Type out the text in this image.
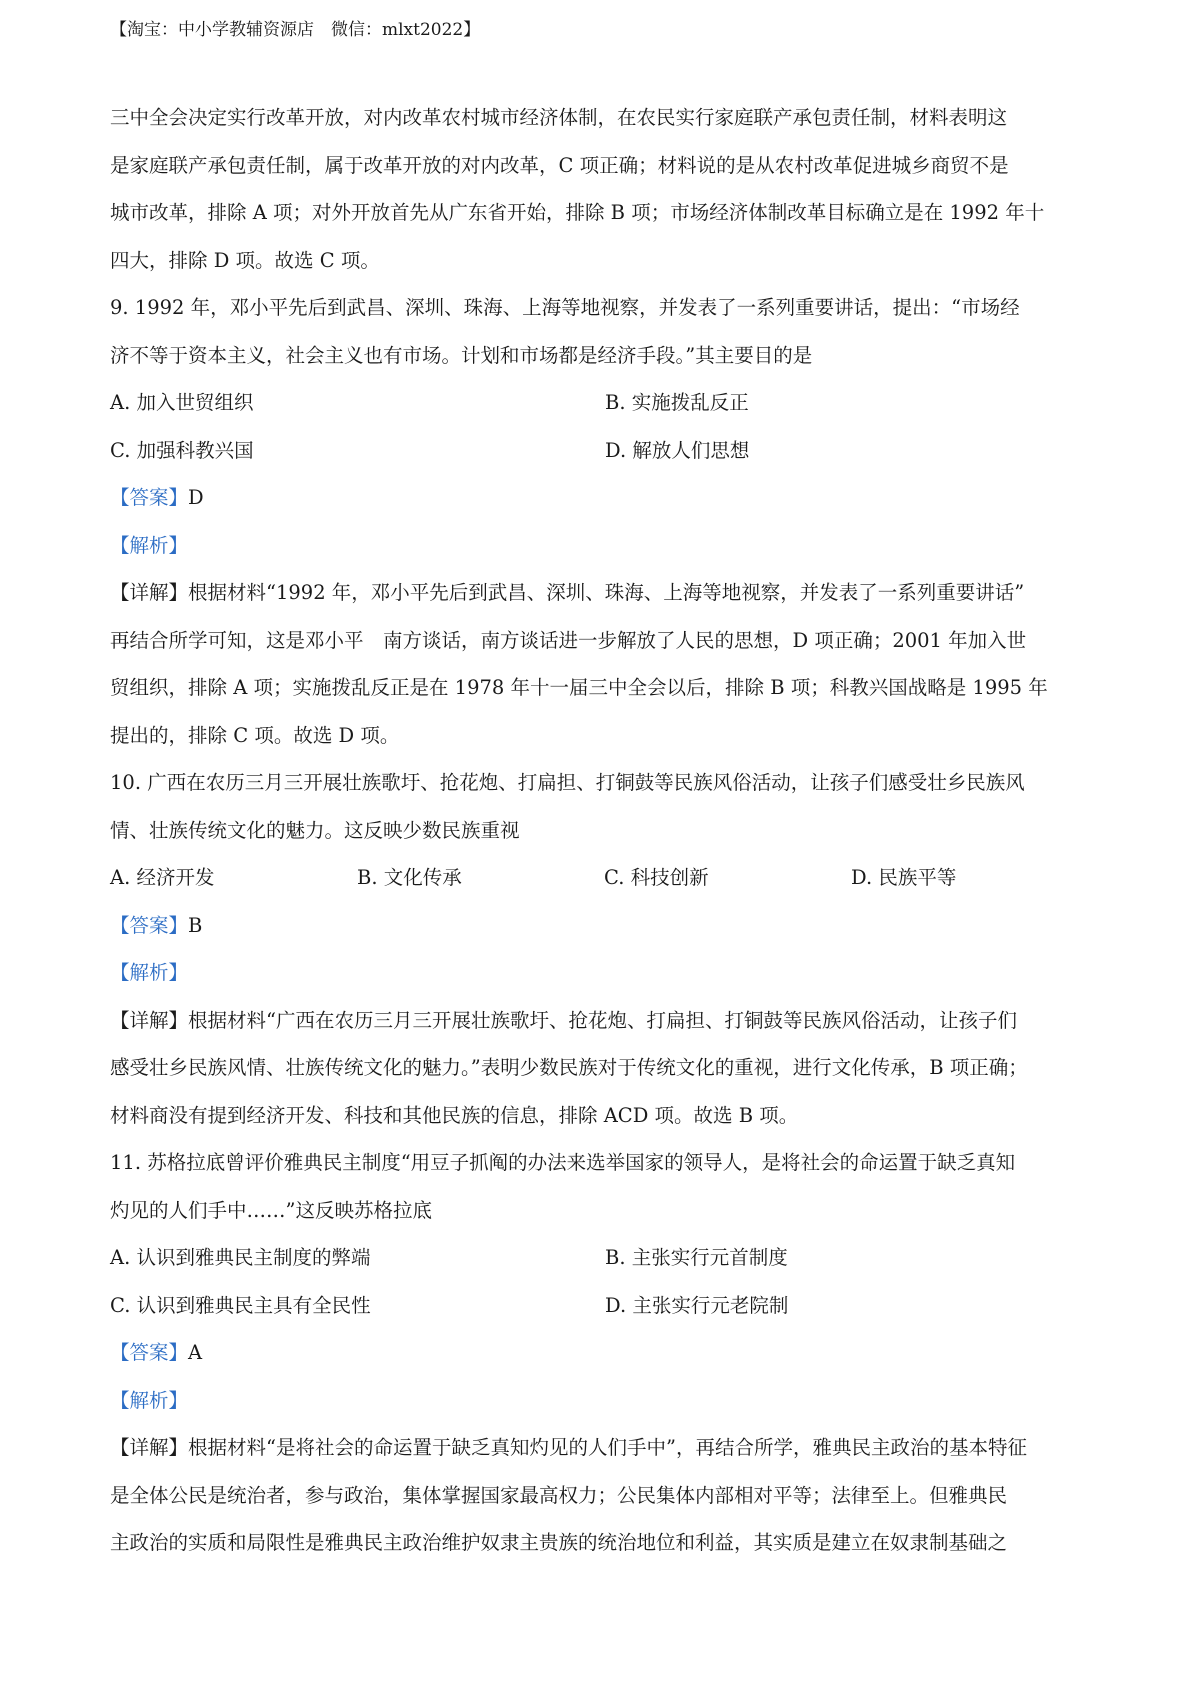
【淘宝：中小学教辅资源店　微信：mlxt2022】
三中全会决定实行改革开放，对内改革农村城市经济体制，在农民实行家庭联产承包责任制，材料表明这
是家庭联产承包责任制，属于改革开放的对内改革，C 项正确；材料说的是从农村改革促进城乡商贸不是
城市改革，排除 A 项；对外开放首先从广东省开始，排除 B 项；市场经济体制改革目标确立是在 1992 年十
四大，排除 D 项。故选 C 项。
9. 1992 年，邓小平先后到武昌、深圳、珠海、上海等地视察，并发表了一系列重要讲话，提出：“市场经
济不等于资本主义，社会主义也有市场。计划和市场都是经济手段。”其主要目的是
A. 加入世贸组织	B. 实施拨乱反正
C. 加强科教兴国	D. 解放人们思想
【答案】D
【解析】
【详解】根据材料“1992 年，邓小平先后到武昌、深圳、珠海、上海等地视察，并发表了一系列重要讲话”
再结合所学可知，这是邓小平　南方谈话，南方谈话进一步解放了人民的思想，D 项正确；2001 年加入世
贸组织，排除 A 项；实施拨乱反正是在 1978 年十一届三中全会以后，排除 B 项；科教兴国战略是 1995 年
提出的，排除 C 项。故选 D 项。
10. 广西在农历三月三开展壮族歌圩、抢花炮、打扁担、打铜鼓等民族风俗活动，让孩子们感受壮乡民族风
情、壮族传统文化的魅力。这反映少数民族重视
A. 经济开发	B. 文化传承	C. 科技创新	D. 民族平等
【答案】B
【解析】
【详解】根据材料“广西在农历三月三开展壮族歌圩、抢花炮、打扁担、打铜鼓等民族风俗活动，让孩子们
感受壮乡民族风情、壮族传统文化的魅力。”表明少数民族对于传统文化的重视，进行文化传承，B 项正确；
材料商没有提到经济开发、科技和其他民族的信息，排除 ACD 项。故选 B 项。
11. 苏格拉底曾评价雅典民主制度“用豆子抓阄的办法来选举国家的领导人，是将社会的命运置于缺乏真知
灼见的人们手中……”这反映苏格拉底
A. 认识到雅典民主制度的弊端	B. 主张实行元首制度
C. 认识到雅典民主具有全民性	D. 主张实行元老院制
【答案】A
【解析】
【详解】根据材料“是将社会的命运置于缺乏真知灼见的人们手中”，再结合所学，雅典民主政治的基本特征
是全体公民是统治者，参与政治，集体掌握国家最高权力；公民集体内部相对平等；法律至上。但雅典民
主政治的实质和局限性是雅典民主政治维护奴隶主贵族的统治地位和利益，其实质是建立在奴隶制基础之
